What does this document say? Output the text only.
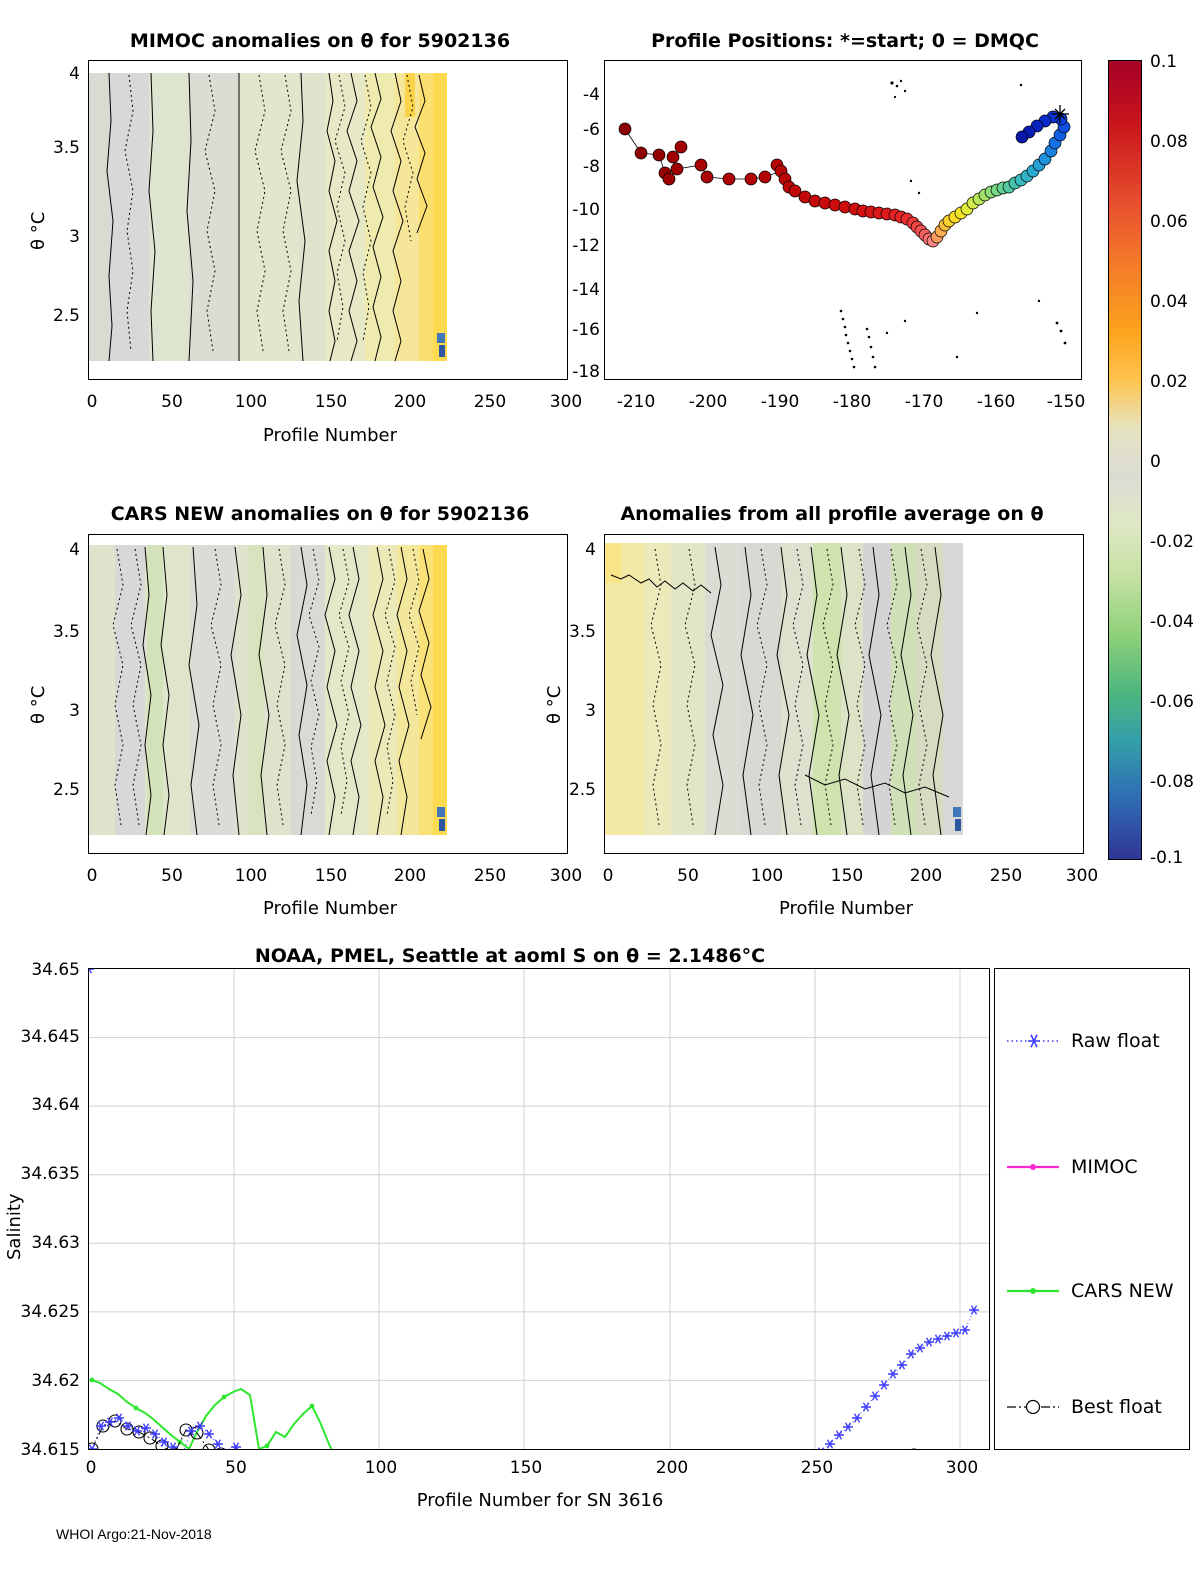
MIMOC anomalies on θ for 5902136
2.5
3
3.5
4
0	50	100	150	200	250	300
Profile Number
θ °C
Profile Positions: *=start; 0 = DMQC
-4
-6
-8
-10
-12
-14
-16
-18
-210 -200 -190 -180 -170 -160 -150
0.1
0.08
0.06
0.04
0.02
0
-0.02
-0.04
-0.06
-0.08
-0.1
CARS NEW anomalies on θ for 5902136
2.5
3
3.5
4
0	50	100	150	200	250	300
Profile Number
θ °C
Anomalies from all profile average on θ
2.5
3
3.5
4
0	50	100	150	200	250	300
Profile Number
θ °C
NOAA, PMEL, Seattle at aoml S on θ = 2.1486°C
34.615
34.62
34.625
34.63
34.635
34.64
34.645
34.65
0	50	100	150	200	250	300
Profile Number for SN 3616
Salinity
Raw float
MIMOC
CARS NEW
Best float
WHOI Argo:21-Nov-2018
